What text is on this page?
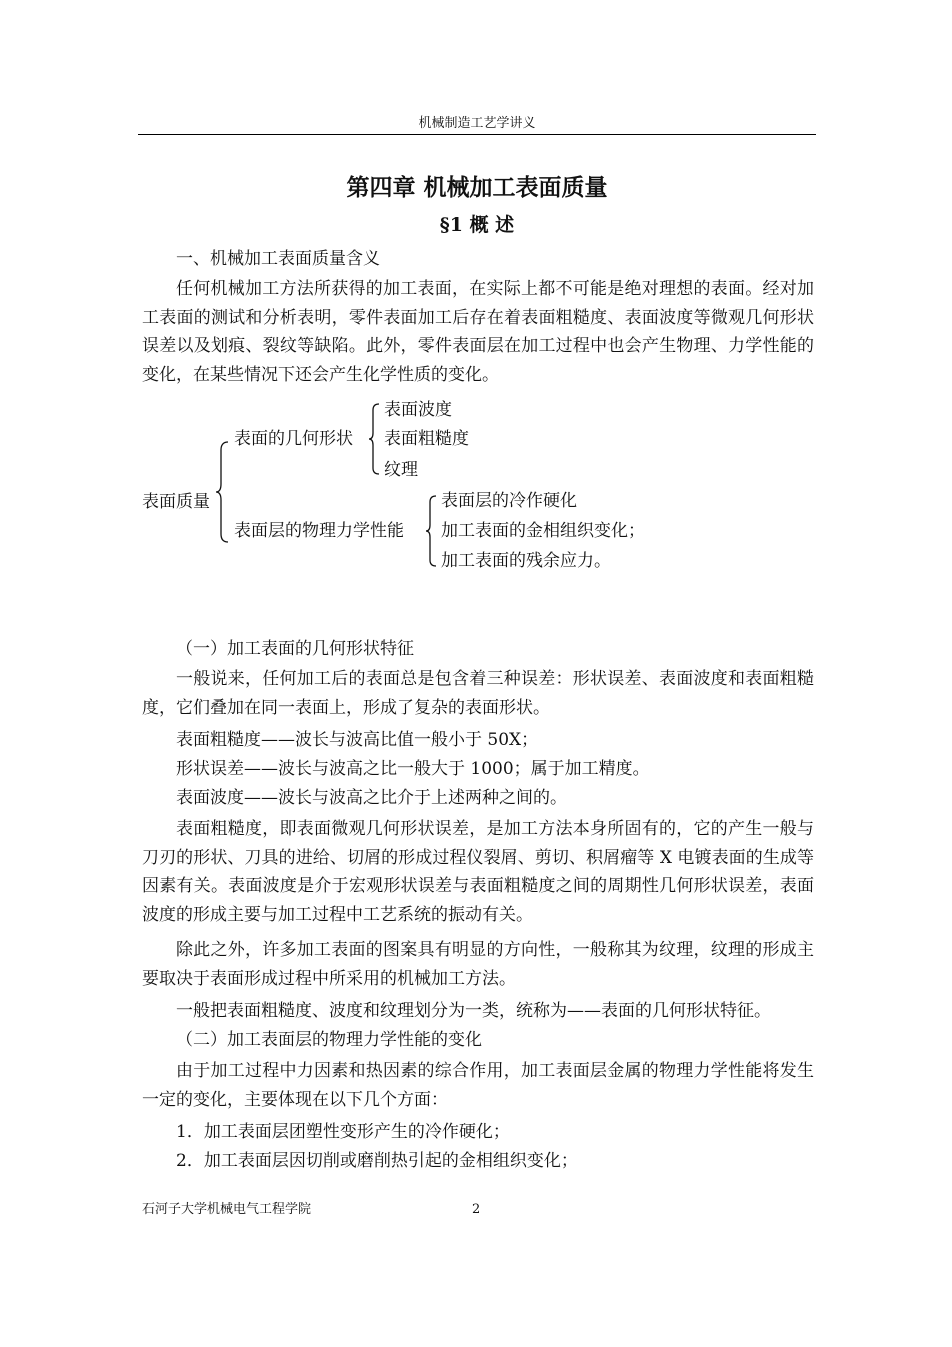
机械制造工艺学讲义
第四章 机械加工表面质量
§1 概 述
一、机械加工表面质量含义
任何机械加工方法所获得的加工表面，在实际上都不可能是绝对理想的表面。经对加工表面的测试和分析表明，零件表面加工后存在着表面粗糙度、表面波度等微观几何形状误差以及划痕、裂纹等缺陷。此外，零件表面层在加工过程中也会产生物理、力学性能的变化，在某些情况下还会产生化学性质的变化。
表面质量
表面的几何形状
表面波度
表面粗糙度
纹理
表面层的物理力学性能
表面层的冷作硬化
加工表面的金相组织变化；
加工表面的残余应力。
（一）加工表面的几何形状特征
一般说来，任何加工后的表面总是包含着三种误差：形状误差、表面波度和表面粗糙度，它们叠加在同一表面上，形成了复杂的表面形状。
表面粗糙度——波长与波高比值一般小于 50X；
形状误差——波长与波高之比一般大于 1000；属于加工精度。
表面波度——波长与波高之比介于上述两种之间的。
表面粗糙度，即表面微观几何形状误差，是加工方法本身所固有的，它的产生一般与刀刃的形状、刀具的进给、切屑的形成过程仪裂屑、剪切、积屑瘤等 X 电镀表面的生成等因素有关。表面波度是介于宏观形状误差与表面粗糙度之间的周期性几何形状误差，表面波度的形成主要与加工过程中工艺系统的振动有关。
除此之外，许多加工表面的图案具有明显的方向性，一般称其为纹理，纹理的形成主要取决于表面形成过程中所采用的机械加工方法。
一般把表面粗糙度、波度和纹理划分为一类，统称为——表面的几何形状特征。
（二）加工表面层的物理力学性能的变化
由于加工过程中力因素和热因素的综合作用，加工表面层金属的物理力学性能将发生一定的变化，主要体现在以下几个方面：
1．加工表面层团塑性变形产生的冷作硬化；
2．加工表面层因切削或磨削热引起的金相组织变化；
石河子大学机械电气工程学院	2
